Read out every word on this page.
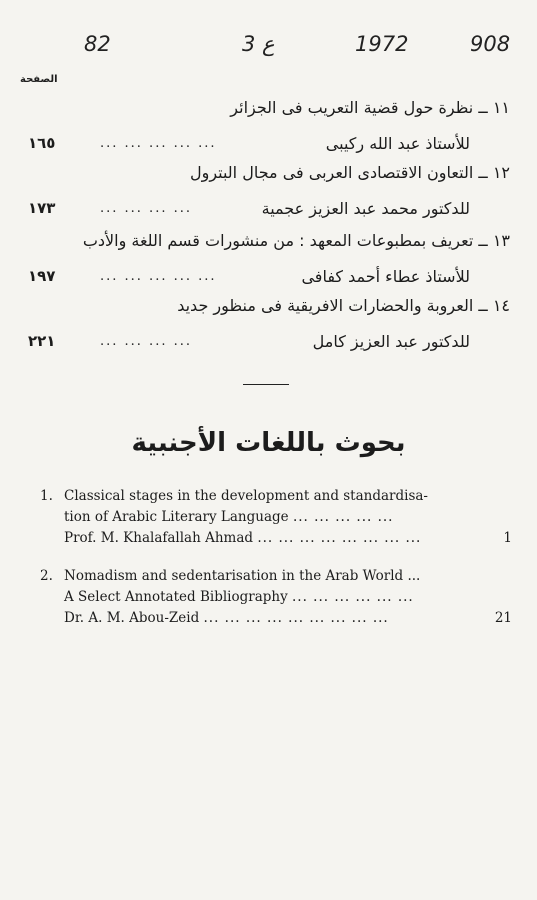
82	3 ع	1972	908
الصفحة
١١ ــ نظرة حول قضية التعريب فى الجزائر
للأستاذ عبد الله ركيبى
... ... ... ... ...
١٦٥
١٢ ــ التعاون الاقتصادى العربى فى مجال البترول
للدكتور محمد عبد العزيز عجمية
... ... ... ...
١٧٣
١٣ ــ تعريف بمطبوعات المعهد : من منشورات قسم اللغة والأدب
للأستاذ عطاء أحمد كفافى
... ... ... ... ...
١٩٧
١٤ ــ العروبة والحضارات الافريقية فى منظور جديد
للدكتور عبد العزيز كامل
... ... ... ...
٢٢١
بحوث باللغات الأجنبية
1. Classical stages in the development and standardisa-
tion of Arabic Literary Language ... ... ... ... ...
Prof. M. Khalafallah Ahmad ... ... ... ... ... ... ... ...	1
2. Nomadism and sedentarisation in the Arab World ...
A Select Annotated Bibliography ... ... ... ... ... ...
Dr. A. M. Abou-Zeid ... ... ... ... ... ... ... ... ...	21
